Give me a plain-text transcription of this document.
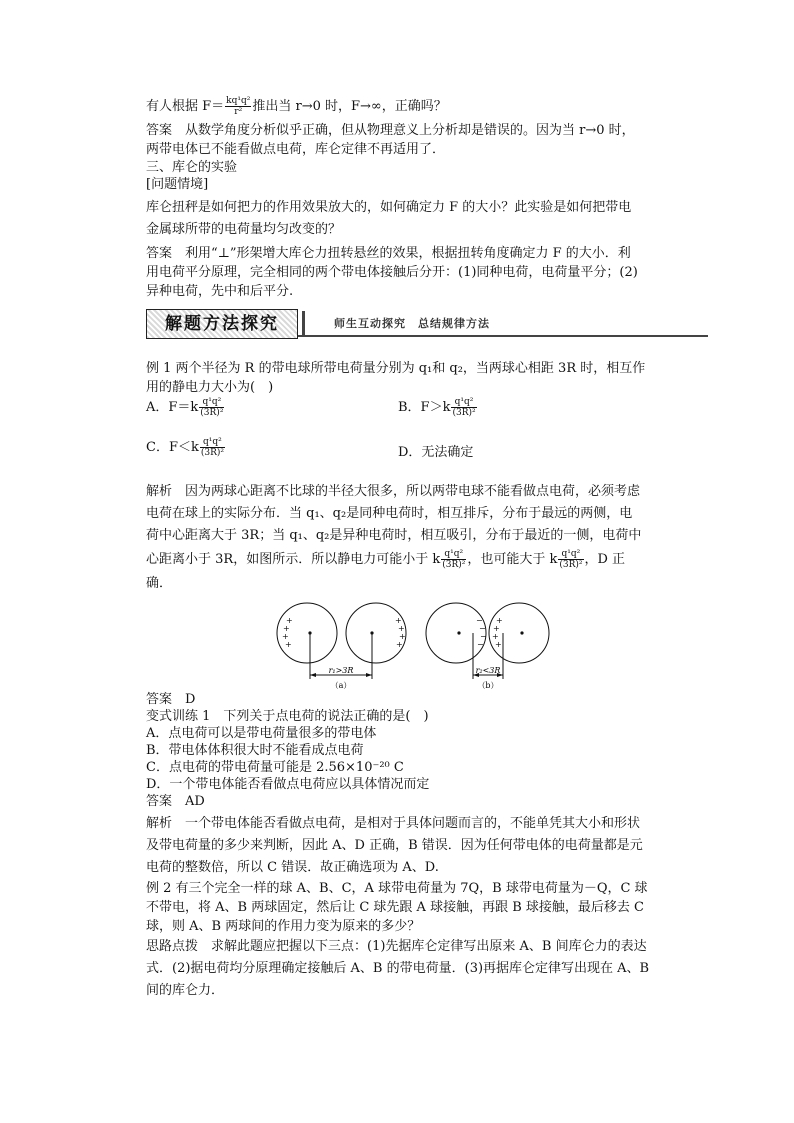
有人根据 $F= \frac{\text{kq¹q²}}{\text{r²}}$ 推出当 r→0 时，F→∞，正确吗？

答案　从数学角度分析似乎正确，但从物理意义上分析却是错误的。因为当 r→0 时，

两带电体已不能看做点电荷，库仑定律不再适用了．

三、库仑的实验

[问题情境]

库仑扭秤是如何把力的作用效果放大的，如何确定力 F 的大小？此实验是如何把带电

金属球所带的电荷量均匀改变的？

答案　利用“⊥”形架增大库仑力扭转悬丝的效果，根据扭转角度确定力 F 的大小．利

用电荷平分原理，完全相同的两个带电体接触后分开：(1)同种电荷，电荷量平分；(2)

异种电荷，先中和后平分.

解题方法探究	师生互动探究　总结规律方法

例 1 两个半径为 R 的带电球所带电荷量分别为 q₁和 q₂，当两球心相距 3R 时，相互作

用的静电力大小为(　)

A．$F=k \frac{\text{q¹q²}}{\text{(3R)²}}$	B．$F>k \frac{\text{q¹q²}}{\text{(3R)²}}$
C．$F<k \frac{\text{q¹q²}}{\text{(3R)²}}$	D．无法确定

解析　因为两球心距离不比球的半径大很多，所以两带电球不能看做点电荷，必须考虑

电荷在球上的实际分布．当 q₁、q₂是同种电荷时，相互排斥，分布于最远的两侧，电

荷中心距离大于 3R；当 q₁、q₂是异种电荷时，相互吸引，分布于最近的一侧，电荷中

心距离小于 3R，如图所示．所以静电力可能小于 k $\frac{\text{q¹q²}}{\text{(3R)²}}$ ，也可能大于 k $\frac{\text{q¹q²}}{\text{(3R)²}}$ ，D 正

确．

+
+
+
+
+
+
+
+
−
−
−
−
+
+
+
+
r₁>3R	r₂<3R
（a）	（b）

答案　D

变式训练 1　下列关于点电荷的说法正确的是(　)

A．点电荷可以是带电荷量很多的带电体

B．带电体体积很大时不能看成点电荷

C．点电荷的带电荷量可能是 2.56×10⁻²⁰ C

D．一个带电体能否看做点电荷应以具体情况而定

答案　AD

解析　一个带电体能否看做点电荷，是相对于具体问题而言的，不能单凭其大小和形状

及带电荷量的多少来判断，因此 A、D 正确，B 错误．因为任何带电体的电荷量都是元

电荷的整数倍，所以 C 错误．故正确选项为 A、D.

例 2 有三个完全一样的球 A、B、C，A 球带电荷量为 7Q，B 球带电荷量为－Q，C 球

不带电，将 A、B 两球固定，然后让 C 球先跟 A 球接触，再跟 B 球接触，最后移去 C

球，则 A、B 两球间的作用力变为原来的多少？

思路点拨　求解此题应把握以下三点：(1)先据库仑定律写出原来 A、B 间库仑力的表达

式．(2)据电荷均分原理确定接触后 A、B 的带电荷量．(3)再据库仑定律写出现在 A、B

间的库仑力．
